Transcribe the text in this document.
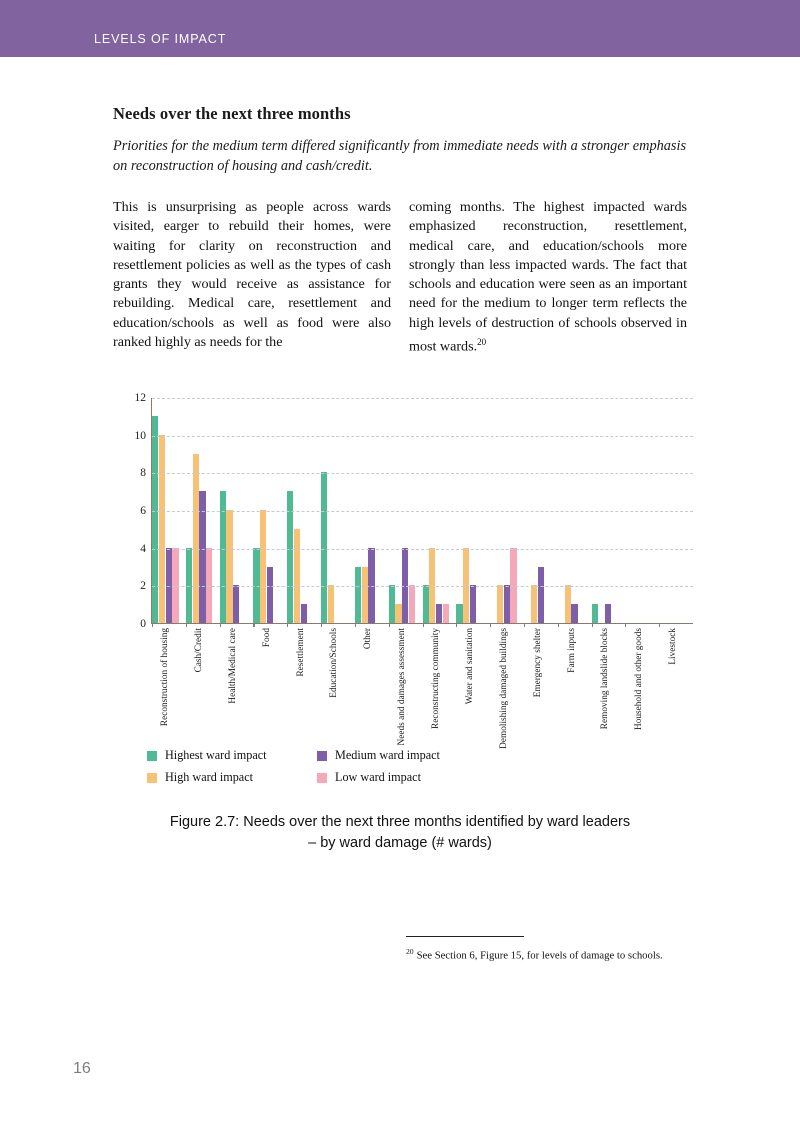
LEVELS OF IMPACT
Needs over the next three months
Priorities for the medium term differed significantly from immediate needs with a stronger emphasis on reconstruction of housing and cash/credit.

This is unsurprising as people across wards visited, earger to rebuild their homes, were waiting for clarity on reconstruction and resettlement policies as well as the types of cash grants they would receive as assistance for rebuilding. Medical care, resettlement and education/schools as well as food were also ranked highly as needs for the

coming months. The highest impacted wards emphasized reconstruction, resettlement, medical care, and education/schools more strongly than less impacted wards. The fact that schools and education were seen as an important need for the medium to longer term reflects the high levels of destruction of schools observed in most wards.$^{20}$

0
2
4
6
8
10
12
Reconstruction of housing	Cash/Credit	Health/Medical care	Food	Resettlement	Education/Schools	Other	Needs and damages assessment	Reconstructing community	Water and sanitation	Demolishing damaged buildings	Emergency shelter	Farm inputs	Removing landslide blocks	Household and other goods	Livestock
Highest ward impact	Medium ward impact
High ward impact	Low ward impact
Figure 2.7: Needs over the next three months identified by ward leaders
– by ward damage (# wards)
$^{20}$ See Section 6, Figure 15, for levels of damage to schools.
16
